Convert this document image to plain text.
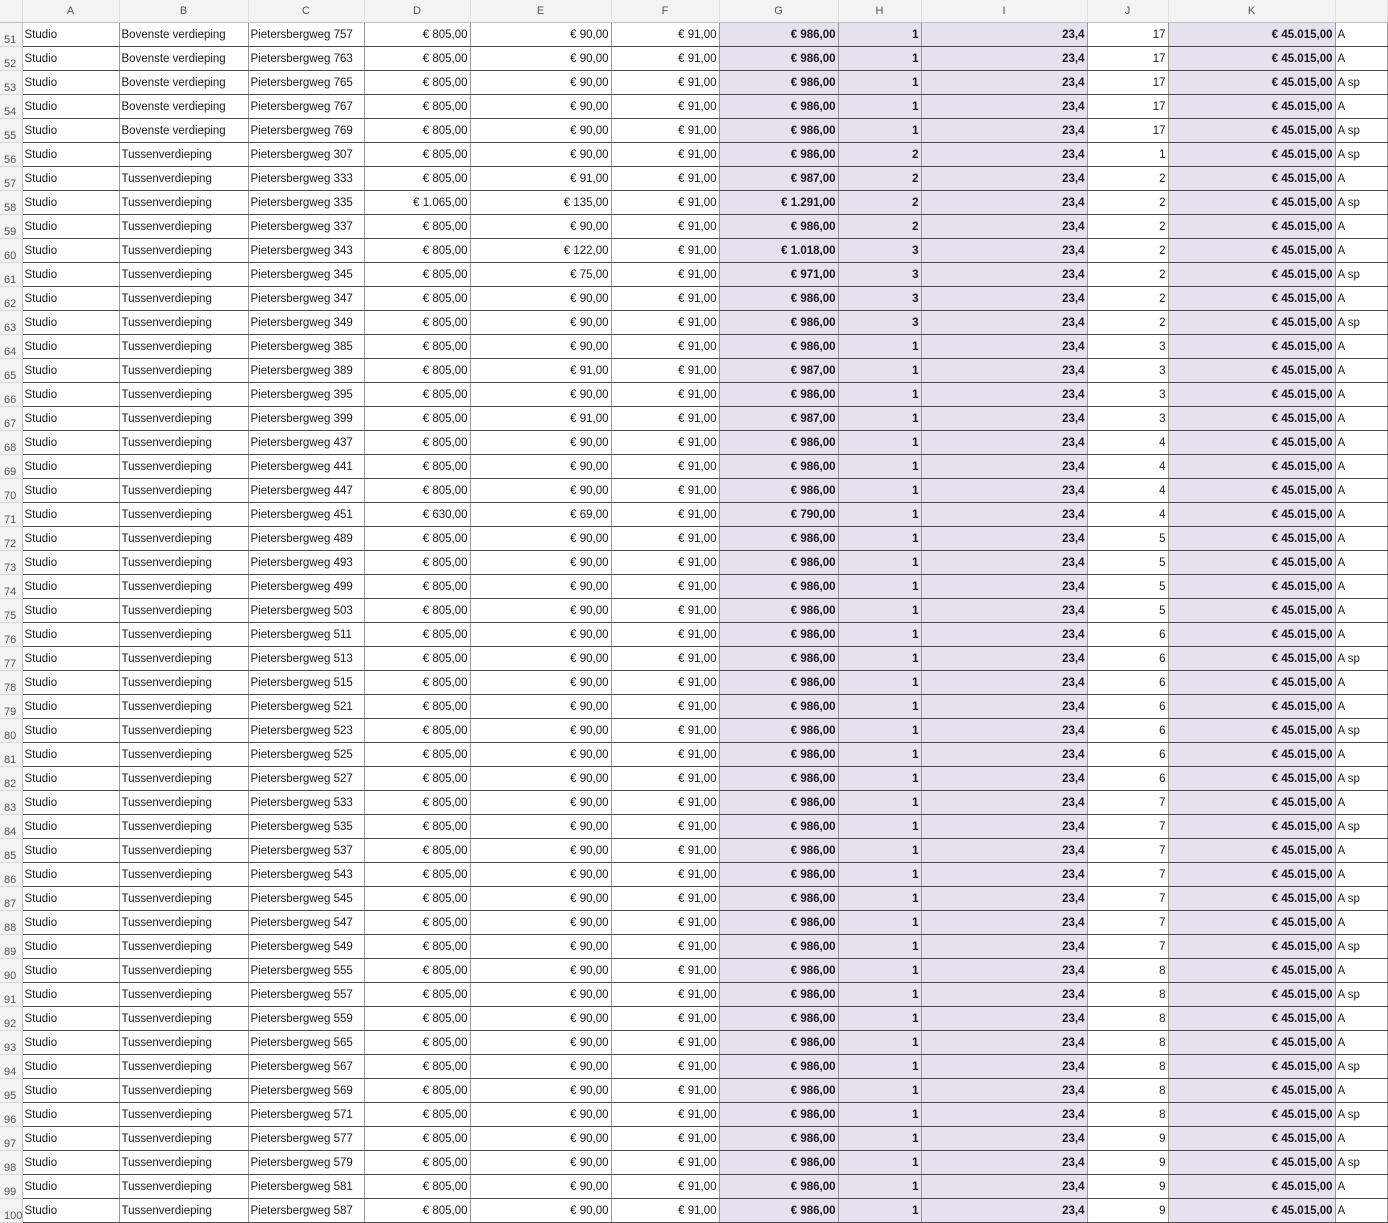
	A	B	C	D	E	F	G	H	I	J	K	
51	Studio	Bovenste verdieping	Pietersbergweg 757	€ 805,00	€ 90,00	€ 91,00	€ 986,00	1	23,4	17	€ 45.015,00	A
52	Studio	Bovenste verdieping	Pietersbergweg 763	€ 805,00	€ 90,00	€ 91,00	€ 986,00	1	23,4	17	€ 45.015,00	A
53	Studio	Bovenste verdieping	Pietersbergweg 765	€ 805,00	€ 90,00	€ 91,00	€ 986,00	1	23,4	17	€ 45.015,00	A sp
54	Studio	Bovenste verdieping	Pietersbergweg 767	€ 805,00	€ 90,00	€ 91,00	€ 986,00	1	23,4	17	€ 45.015,00	A
55	Studio	Bovenste verdieping	Pietersbergweg 769	€ 805,00	€ 90,00	€ 91,00	€ 986,00	1	23,4	17	€ 45.015,00	A sp
56	Studio	Tussenverdieping	Pietersbergweg 307	€ 805,00	€ 90,00	€ 91,00	€ 986,00	2	23,4	1	€ 45.015,00	A sp
57	Studio	Tussenverdieping	Pietersbergweg 333	€ 805,00	€ 91,00	€ 91,00	€ 987,00	2	23,4	2	€ 45.015,00	A
58	Studio	Tussenverdieping	Pietersbergweg 335	€ 1.065,00	€ 135,00	€ 91,00	€ 1.291,00	2	23,4	2	€ 45.015,00	A sp
59	Studio	Tussenverdieping	Pietersbergweg 337	€ 805,00	€ 90,00	€ 91,00	€ 986,00	2	23,4	2	€ 45.015,00	A
60	Studio	Tussenverdieping	Pietersbergweg 343	€ 805,00	€ 122,00	€ 91,00	€ 1.018,00	3	23,4	2	€ 45.015,00	A
61	Studio	Tussenverdieping	Pietersbergweg 345	€ 805,00	€ 75,00	€ 91,00	€ 971,00	3	23,4	2	€ 45.015,00	A sp
62	Studio	Tussenverdieping	Pietersbergweg 347	€ 805,00	€ 90,00	€ 91,00	€ 986,00	3	23,4	2	€ 45.015,00	A
63	Studio	Tussenverdieping	Pietersbergweg 349	€ 805,00	€ 90,00	€ 91,00	€ 986,00	3	23,4	2	€ 45.015,00	A sp
64	Studio	Tussenverdieping	Pietersbergweg 385	€ 805,00	€ 90,00	€ 91,00	€ 986,00	1	23,4	3	€ 45.015,00	A
65	Studio	Tussenverdieping	Pietersbergweg 389	€ 805,00	€ 91,00	€ 91,00	€ 987,00	1	23,4	3	€ 45.015,00	A
66	Studio	Tussenverdieping	Pietersbergweg 395	€ 805,00	€ 90,00	€ 91,00	€ 986,00	1	23,4	3	€ 45.015,00	A
67	Studio	Tussenverdieping	Pietersbergweg 399	€ 805,00	€ 91,00	€ 91,00	€ 987,00	1	23,4	3	€ 45.015,00	A
68	Studio	Tussenverdieping	Pietersbergweg 437	€ 805,00	€ 90,00	€ 91,00	€ 986,00	1	23,4	4	€ 45.015,00	A
69	Studio	Tussenverdieping	Pietersbergweg 441	€ 805,00	€ 90,00	€ 91,00	€ 986,00	1	23,4	4	€ 45.015,00	A
70	Studio	Tussenverdieping	Pietersbergweg 447	€ 805,00	€ 90,00	€ 91,00	€ 986,00	1	23,4	4	€ 45.015,00	A
71	Studio	Tussenverdieping	Pietersbergweg 451	€ 630,00	€ 69,00	€ 91,00	€ 790,00	1	23,4	4	€ 45.015,00	A
72	Studio	Tussenverdieping	Pietersbergweg 489	€ 805,00	€ 90,00	€ 91,00	€ 986,00	1	23,4	5	€ 45.015,00	A
73	Studio	Tussenverdieping	Pietersbergweg 493	€ 805,00	€ 90,00	€ 91,00	€ 986,00	1	23,4	5	€ 45.015,00	A
74	Studio	Tussenverdieping	Pietersbergweg 499	€ 805,00	€ 90,00	€ 91,00	€ 986,00	1	23,4	5	€ 45.015,00	A
75	Studio	Tussenverdieping	Pietersbergweg 503	€ 805,00	€ 90,00	€ 91,00	€ 986,00	1	23,4	5	€ 45.015,00	A
76	Studio	Tussenverdieping	Pietersbergweg 511	€ 805,00	€ 90,00	€ 91,00	€ 986,00	1	23,4	6	€ 45.015,00	A
77	Studio	Tussenverdieping	Pietersbergweg 513	€ 805,00	€ 90,00	€ 91,00	€ 986,00	1	23,4	6	€ 45.015,00	A sp
78	Studio	Tussenverdieping	Pietersbergweg 515	€ 805,00	€ 90,00	€ 91,00	€ 986,00	1	23,4	6	€ 45.015,00	A
79	Studio	Tussenverdieping	Pietersbergweg 521	€ 805,00	€ 90,00	€ 91,00	€ 986,00	1	23,4	6	€ 45.015,00	A
80	Studio	Tussenverdieping	Pietersbergweg 523	€ 805,00	€ 90,00	€ 91,00	€ 986,00	1	23,4	6	€ 45.015,00	A sp
81	Studio	Tussenverdieping	Pietersbergweg 525	€ 805,00	€ 90,00	€ 91,00	€ 986,00	1	23,4	6	€ 45.015,00	A
82	Studio	Tussenverdieping	Pietersbergweg 527	€ 805,00	€ 90,00	€ 91,00	€ 986,00	1	23,4	6	€ 45.015,00	A sp
83	Studio	Tussenverdieping	Pietersbergweg 533	€ 805,00	€ 90,00	€ 91,00	€ 986,00	1	23,4	7	€ 45.015,00	A
84	Studio	Tussenverdieping	Pietersbergweg 535	€ 805,00	€ 90,00	€ 91,00	€ 986,00	1	23,4	7	€ 45.015,00	A sp
85	Studio	Tussenverdieping	Pietersbergweg 537	€ 805,00	€ 90,00	€ 91,00	€ 986,00	1	23,4	7	€ 45.015,00	A
86	Studio	Tussenverdieping	Pietersbergweg 543	€ 805,00	€ 90,00	€ 91,00	€ 986,00	1	23,4	7	€ 45.015,00	A
87	Studio	Tussenverdieping	Pietersbergweg 545	€ 805,00	€ 90,00	€ 91,00	€ 986,00	1	23,4	7	€ 45.015,00	A sp
88	Studio	Tussenverdieping	Pietersbergweg 547	€ 805,00	€ 90,00	€ 91,00	€ 986,00	1	23,4	7	€ 45.015,00	A
89	Studio	Tussenverdieping	Pietersbergweg 549	€ 805,00	€ 90,00	€ 91,00	€ 986,00	1	23,4	7	€ 45.015,00	A sp
90	Studio	Tussenverdieping	Pietersbergweg 555	€ 805,00	€ 90,00	€ 91,00	€ 986,00	1	23,4	8	€ 45.015,00	A
91	Studio	Tussenverdieping	Pietersbergweg 557	€ 805,00	€ 90,00	€ 91,00	€ 986,00	1	23,4	8	€ 45.015,00	A sp
92	Studio	Tussenverdieping	Pietersbergweg 559	€ 805,00	€ 90,00	€ 91,00	€ 986,00	1	23,4	8	€ 45.015,00	A
93	Studio	Tussenverdieping	Pietersbergweg 565	€ 805,00	€ 90,00	€ 91,00	€ 986,00	1	23,4	8	€ 45.015,00	A
94	Studio	Tussenverdieping	Pietersbergweg 567	€ 805,00	€ 90,00	€ 91,00	€ 986,00	1	23,4	8	€ 45.015,00	A sp
95	Studio	Tussenverdieping	Pietersbergweg 569	€ 805,00	€ 90,00	€ 91,00	€ 986,00	1	23,4	8	€ 45.015,00	A
96	Studio	Tussenverdieping	Pietersbergweg 571	€ 805,00	€ 90,00	€ 91,00	€ 986,00	1	23,4	8	€ 45.015,00	A sp
97	Studio	Tussenverdieping	Pietersbergweg 577	€ 805,00	€ 90,00	€ 91,00	€ 986,00	1	23,4	9	€ 45.015,00	A
98	Studio	Tussenverdieping	Pietersbergweg 579	€ 805,00	€ 90,00	€ 91,00	€ 986,00	1	23,4	9	€ 45.015,00	A sp
99	Studio	Tussenverdieping	Pietersbergweg 581	€ 805,00	€ 90,00	€ 91,00	€ 986,00	1	23,4	9	€ 45.015,00	A
100	Studio	Tussenverdieping	Pietersbergweg 587	€ 805,00	€ 90,00	€ 91,00	€ 986,00	1	23,4	9	€ 45.015,00	A
